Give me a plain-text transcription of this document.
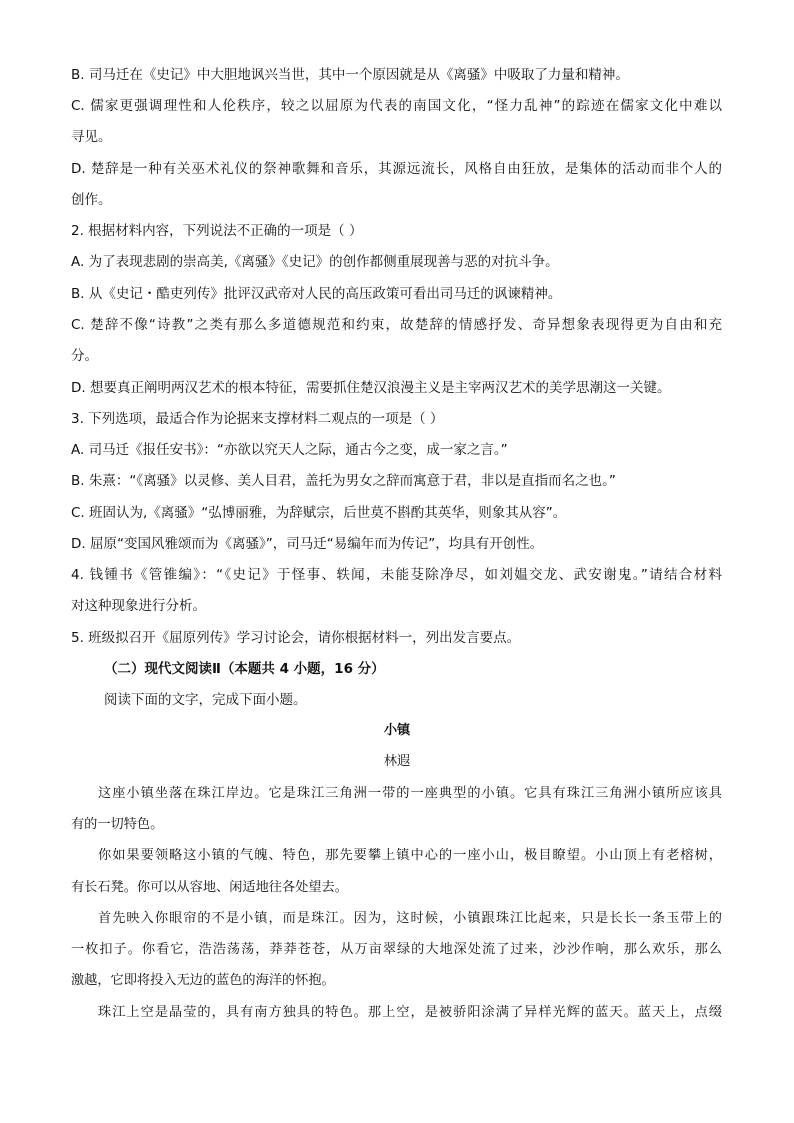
B. 司马迁在《史记》中大胆地讽兴当世，其中一个原因就是从《离骚》中吸取了力量和精神。
C. 儒家更强调理性和人伦秩序，较之以屈原为代表的南国文化，“怪力乱神”的踪迹在儒家文化中难以
寻见。
D. 楚辞是一种有关巫术礼仪的祭神歌舞和音乐，其源远流长，风格自由狂放，是集体的活动而非个人的
创作。
2. 根据材料内容，下列说法不正确的一项是（ ）
A. 为了表现悲剧的崇高美,《离骚》《史记》的创作都侧重展现善与恶的对抗斗争。
B. 从《史记・酷吏列传》批评汉武帝对人民的高压政策可看出司马迁的讽谏精神。
C. 楚辞不像“诗教”之类有那么多道德规范和约束，故楚辞的情感抒发、奇异想象表现得更为自由和充
分。
D. 想要真正阐明两汉艺术的根本特征，需要抓住楚汉浪漫主义是主宰两汉艺术的美学思潮这一关键。
3. 下列选项，最适合作为论据来支撑材料二观点的一项是（ ）
A. 司马迁《报任安书》：“亦欲以究天人之际，通古今之变，成一家之言。”
B. 朱熹：“《离骚》以灵修、美人目君，盖托为男女之辞而寓意于君，非以是直指而名之也。”
C. 班固认为,《离骚》“弘博丽雅，为辞赋宗，后世莫不斟酌其英华，则象其从容”。
D. 屈原“变国风雅颂而为《离骚》”，司马迁“易编年而为传记”，均具有开创性。
4. 钱锺书《管锥编》：“《史记》于怪事、轶闻，未能芟除净尽，如刘媪交龙、武安谢鬼。”请结合材料
对这种现象进行分析。
5. 班级拟召开《屈原列传》学习讨论会，请你根据材料一，列出发言要点。
（二）现代文阅读Ⅱ（本题共 4 小题，16 分）
阅读下面的文字，完成下面小题。
小镇
林遐
这座小镇坐落在珠江岸边。它是珠江三角洲一带的一座典型的小镇。它具有珠江三角洲小镇所应该具
有的一切特色。
你如果要领略这小镇的气魄、特色，那先要攀上镇中心的一座小山，极目瞭望。小山顶上有老榕树，
有长石凳。你可以从容地、闲适地往各处望去。
首先映入你眼帘的不是小镇，而是珠江。因为，这时候，小镇跟珠江比起来，只是长长一条玉带上的
一枚扣子。你看它，浩浩荡荡，莽莽苍苍，从万亩翠绿的大地深处流了过来，沙沙作响，那么欢乐，那么
激越，它即将投入无边的蓝色的海洋的怀抱。
珠江上空是晶莹的，具有南方独具的特色。那上空，是被骄阳涂满了异样光辉的蓝天。蓝天上，点缀
